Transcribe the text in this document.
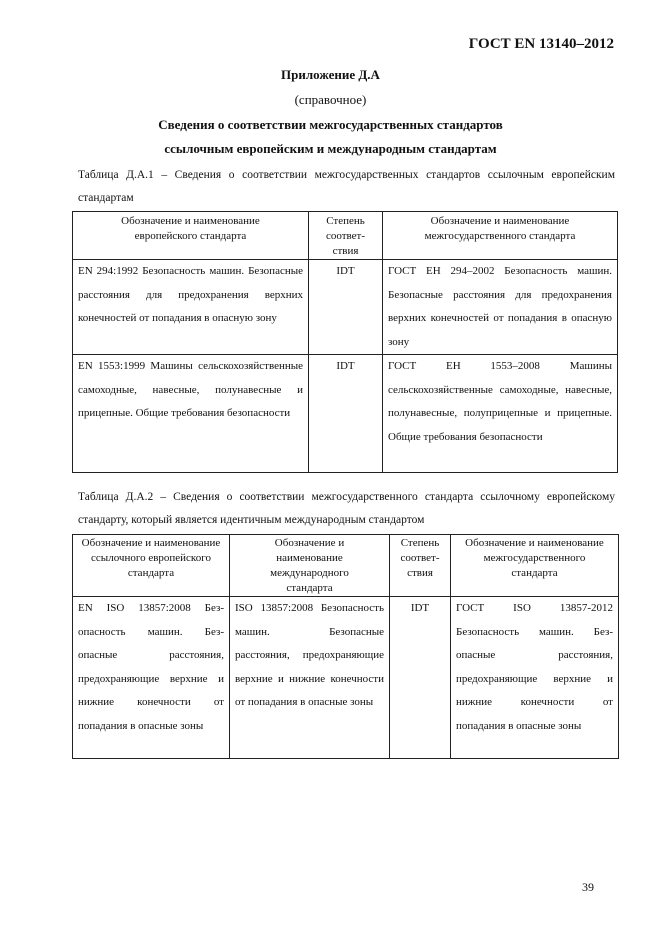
ГОСТ EN 13140–2012
Приложение Д.А
(справочное)
Сведения о соответствии межгосударственных стандартов
ссылочным европейским и международным стандартам
Таблица Д.А.1 – Сведения о соответствии межгосударственных стандартов ссылочным европейским стандартам
Обозначение и наименование европейского стандарта	Степень соответ-ствия	Обозначение и наименование межгосударственного стандарта
EN 294:1992 Безопасность машин. Безопасные расстояния для предохранения верхних конечностей от попадания в опасную зону	IDT	ГОСТ ЕН 294–2002 Безопасность машин. Безопасные расстояния для предохранения верхних конечностей от попадания в опасную зону
EN 1553:1999 Машины сельскохозяйственные самоходные, навесные, полунавесные и прицепные. Общие требования безопасности	IDT	ГОСТ ЕН 1553–2008 Машины сельскохозяйственные самоходные, навесные, полунавесные, полуприцепные и прицепные. Общие требования безопасности
Таблица Д.А.2 – Сведения о соответствии межгосударственного стандарта ссылочному европейскому стандарту, который является идентичным международным стандартом
Обозначение и наименование ссылочного европейского стандарта	Обозначение и наименование международного стандарта	Степень соответ-ствия	Обозначение и наименование межгосударственного стандарта
EN ISO 13857:2008 Без-опасность машин. Без-опасные расстояния, предохраняющие верхние и нижние конечности от попадания в опасные зоны	ISO 13857:2008 Безопасность машин. Безопасные расстояния, предохраняющие верхние и нижние конечности от попадания в опасные зоны	IDT	ГОСТ ISO 13857-2012 Безопасность машин. Без-опасные расстояния, предохраняющие верхние и нижние конечности от попадания в опасные зоны
39
